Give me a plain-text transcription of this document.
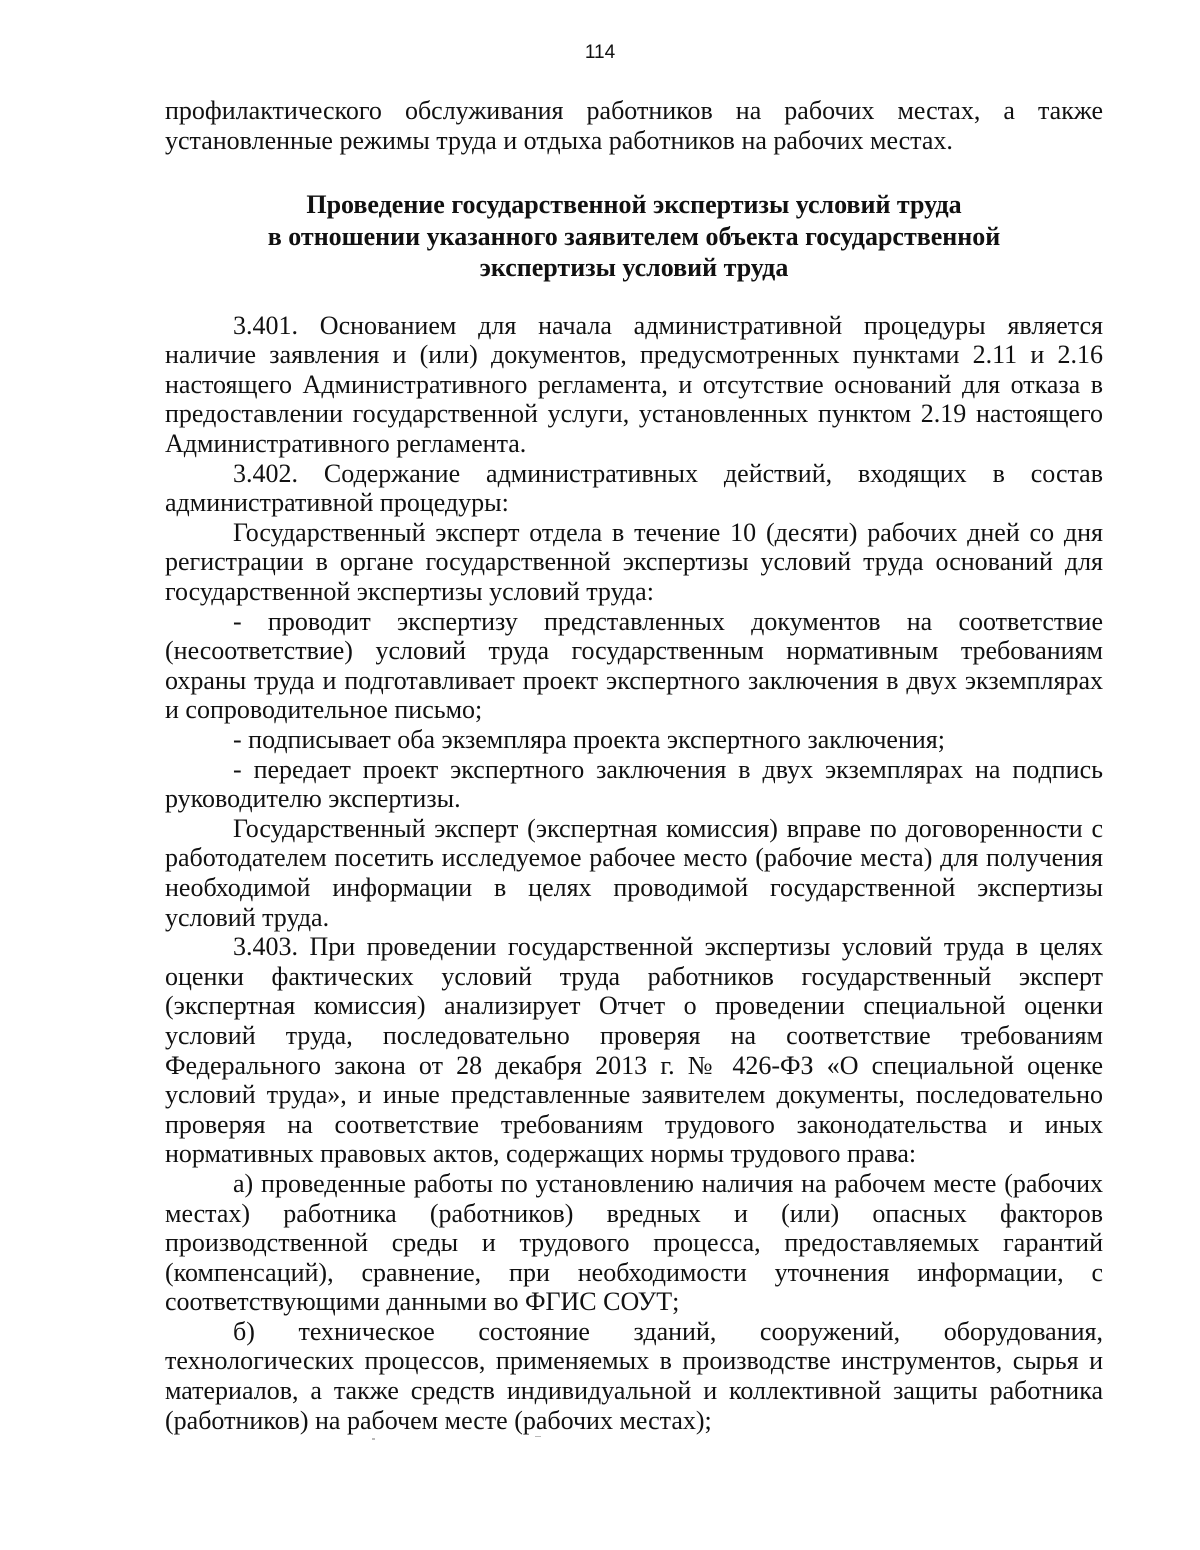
114

профилактического обслуживания работников на рабочих местах, а также установленные режимы труда и отдыха работников на рабочих местах.

Проведение государственной экспертизы условий труда
в отношении указанного заявителем объекта государственной
экспертизы условий труда

3.401. Основанием для начала административной процедуры является наличие заявления и (или) документов, предусмотренных пунктами 2.11 и 2.16 настоящего Административного регламента, и отсутствие оснований для отказа в предоставлении государственной услуги, установленных пунктом 2.19 настоящего Административного регламента.

3.402. Содержание административных действий, входящих в состав административной процедуры:

Государственный эксперт отдела в течение 10 (десяти) рабочих дней со дня регистрации в органе государственной экспертизы условий труда оснований для государственной экспертизы условий труда:

- проводит экспертизу представленных документов на соответствие (несоответствие) условий труда государственным нормативным требованиям охраны труда и подготавливает проект экспертного заключения в двух экземплярах и сопроводительное письмо;

- подписывает оба экземпляра проекта экспертного заключения;

- передает проект экспертного заключения в двух экземплярах на подпись руководителю экспертизы.

Государственный эксперт (экспертная комиссия) вправе по договоренности с работодателем посетить исследуемое рабочее место (рабочие места) для получения необходимой информации в целях проводимой государственной экспертизы условий труда.

3.403. При проведении государственной экспертизы условий труда в целях оценки фактических условий труда работников государственный эксперт (экспертная комиссия) анализирует Отчет о проведении специальной оценки условий труда, последовательно проверяя на соответствие требованиям Федерального закона от 28 декабря 2013 г. № 426-ФЗ «О специальной оценке условий труда», и иные представленные заявителем документы, последовательно проверяя на соответствие требованиям трудового законодательства и иных нормативных правовых актов, содержащих нормы трудового права:

а) проведенные работы по установлению наличия на рабочем месте (рабочих местах) работника (работников) вредных и (или) опасных факторов производственной среды и трудового процесса, предоставляемых гарантий (компенсаций), сравнение, при необходимости уточнения информации, с соответствующими данными во ФГИС СОУТ;

б) техническое состояние зданий, сооружений, оборудования, технологических процессов, применяемых в производстве инструментов, сырья и материалов, а также средств индивидуальной и коллективной защиты работника (работников) на рабочем месте (рабочих местах);
